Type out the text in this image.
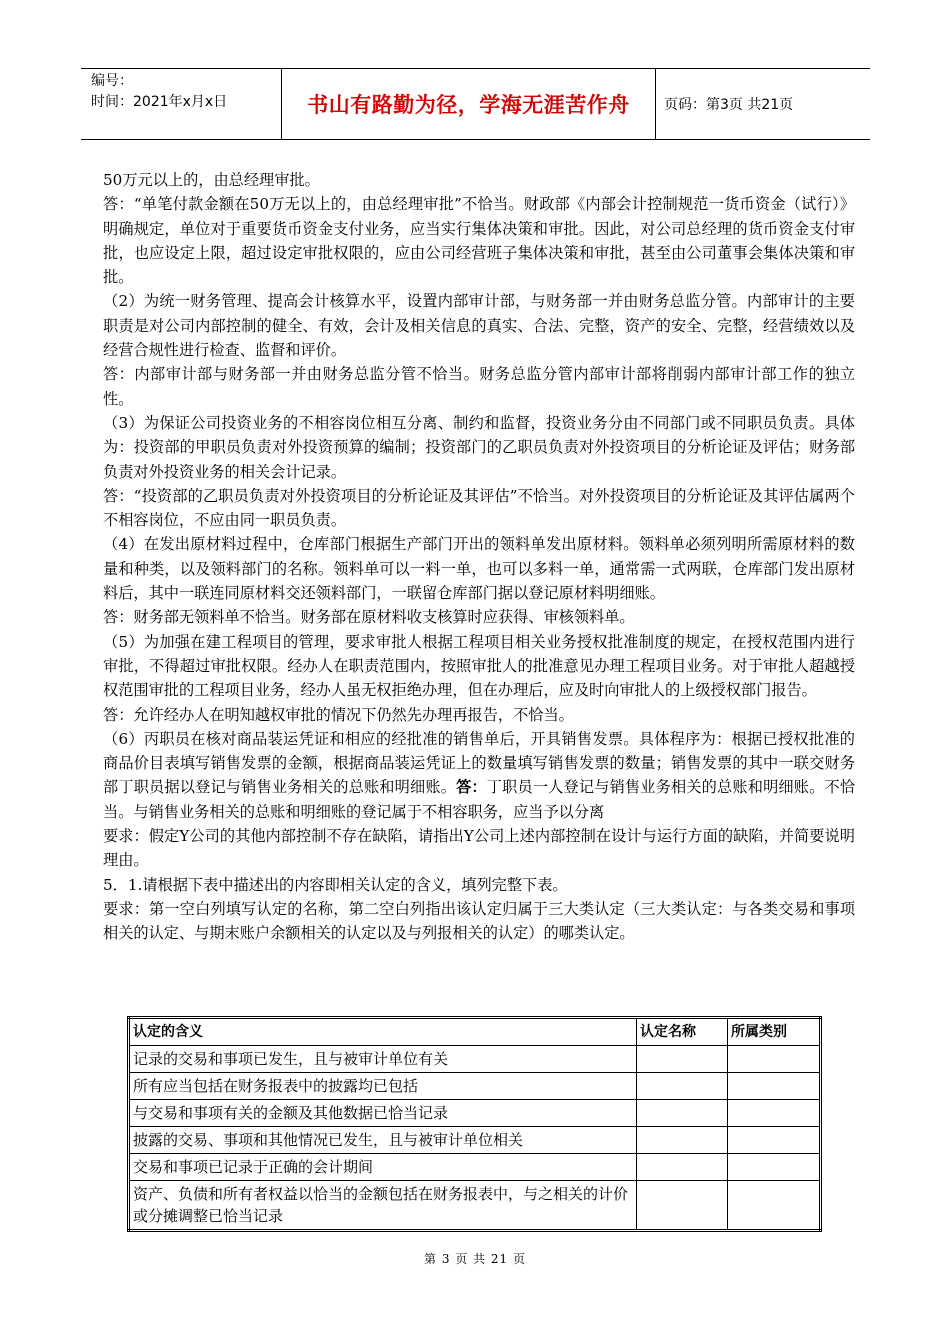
编号：
时间：2021年x月x日	书山有路勤为径，学海无涯苦作舟	页码：第3页 共21页

50万元以上的，由总经理审批。

答：“单笔付款金额在50万无以上的，由总经理审批”不恰当。财政部《内部会计控制规范一货币资金（试行）》明确规定，单位对于重要货币资金支付业务，应当实行集体决策和审批。因此，对公司总经理的货币资金支付审批，也应设定上限，超过设定审批权限的，应由公司经营班子集体决策和审批，甚至由公司董事会集体决策和审批。

（2）为统一财务管理、提高会计核算水平，设置内部审计部，与财务部一并由财务总监分管。内部审计的主要职责是对公司内部控制的健全、有效，会计及相关信息的真实、合法、完整，资产的安全、完整，经营绩效以及经营合规性进行检查、监督和评价。

答：内部审计部与财务部一并由财务总监分管不恰当。财务总监分管内部审计部将削弱内部审计部工作的独立性。

（3）为保证公司投资业务的不相容岗位相互分离、制约和监督，投资业务分由不同部门或不同职员负责。具体为：投资部的甲职员负责对外投资预算的编制；投资部门的乙职员负责对外投资项目的分析论证及评估；财务部负责对外投资业务的相关会计记录。

答：“投资部的乙职员负责对外投资项目的分析论证及其评估”不恰当。对外投资项目的分析论证及其评估属两个不相容岗位，不应由同一职员负责。

（4）在发出原材料过程中，仓库部门根据生产部门开出的领料单发出原材料。领料单必须列明所需原材料的数量和种类，以及领料部门的名称。领料单可以一料一单，也可以多料一单，通常需一式两联，仓库部门发出原材料后，其中一联连同原材料交还领料部门，一联留仓库部门据以登记原材料明细账。

答：财务部无领料单不恰当。财务部在原材料收支核算时应获得、审核领料单。

（5）为加强在建工程项目的管理，要求审批人根据工程项目相关业务授权批准制度的规定，在授权范围内进行审批，不得超过审批权限。经办人在职责范围内，按照审批人的批准意见办理工程项目业务。对于审批人超越授权范围审批的工程项目业务，经办人虽无权拒绝办理，但在办理后，应及时向审批人的上级授权部门报告。

答：允许经办人在明知越权审批的情况下仍然先办理再报告，不恰当。

（6）丙职员在核对商品装运凭证和相应的经批准的销售单后，开具销售发票。具体程序为：根据已授权批准的商品价目表填写销售发票的金额，根据商品装运凭证上的数量填写销售发票的数量；销售发票的其中一联交财务部丁职员据以登记与销售业务相关的总账和明细账。答：丁职员一人登记与销售业务相关的总账和明细账。不恰当。与销售业务相关的总账和明细账的登记属于不相容职务，应当予以分离

要求：假定Y公司的其他内部控制不存在缺陷，请指出Y公司上述内部控制在设计与运行方面的缺陷，并简要说明理由。

5．1.请根据下表中描述出的内容即相关认定的含义，填列完整下表。

要求：第一空白列填写认定的名称，第二空白列指出该认定归属于三大类认定（三大类认定：与各类交易和事项相关的认定、与期末账户余额相关的认定以及与列报相关的认定）的哪类认定。

认定的含义	认定名称	所属类别
记录的交易和事项已发生，且与被审计单位有关		
所有应当包括在财务报表中的披露均已包括		
与交易和事项有关的金额及其他数据已恰当记录		
披露的交易、事项和其他情况已发生，且与被审计单位相关		
交易和事项已记录于正确的会计期间		
资产、负债和所有者权益以恰当的金额包括在财务报表中，与之相关的计价或分摊调整已恰当记录		
第 3 页 共 21 页
